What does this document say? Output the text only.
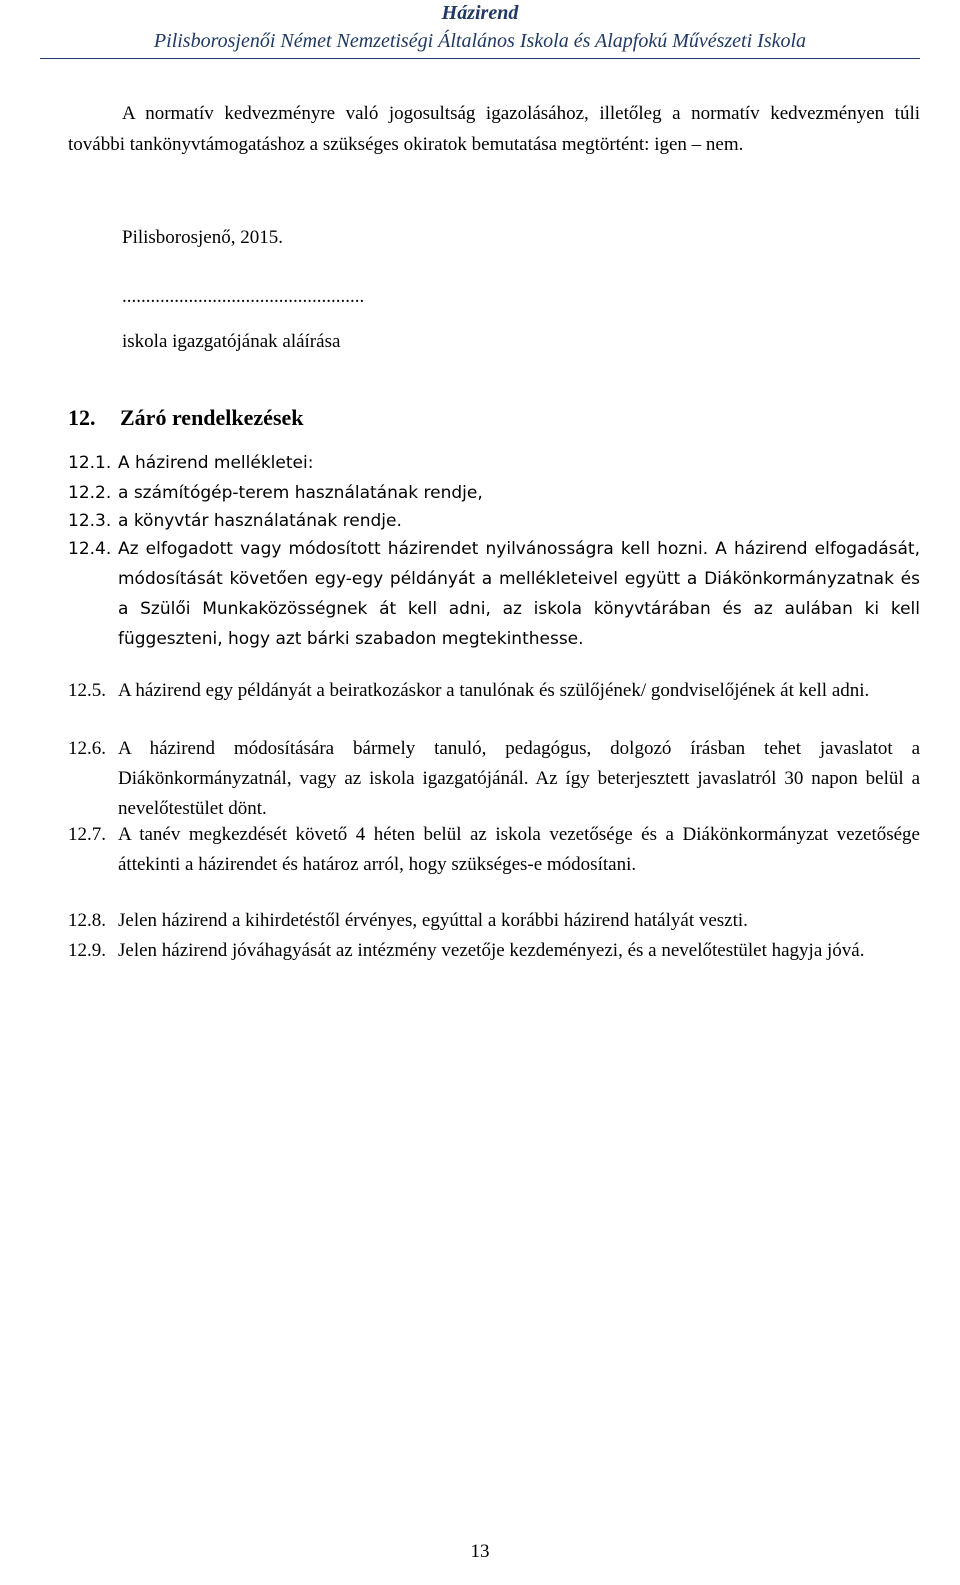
Házirend
Pilisborosjenői Német Nemzetiségi Általános Iskola és Alapfokú Művészeti Iskola
A normatív kedvezményre való jogosultság igazolásához, illetőleg a normatív kedvezményen túli további tankönyvtámogatáshoz a szükséges okiratok bemutatása megtörtént: igen – nem.
Pilisborosjenő, 2015.
...................................................
iskola igazgatójának aláírása
12. Záró rendelkezések
12.1. A házirend mellékletei:
12.2. a számítógép-terem használatának rendje,
12.3. a könyvtár használatának rendje.
12.4. Az elfogadott vagy módosított házirendet nyilvánosságra kell hozni. A házirend elfogadását, módosítását követően egy-egy példányát a mellékleteivel együtt a Diákönkormányzatnak és a Szülői Munkaközösségnek át kell adni, az iskola könyvtárában és az aulában ki kell függeszteni, hogy azt bárki szabadon megtekinthesse.
12.5. A házirend egy példányát a beiratkozáskor a tanulónak és szülőjének/ gondviselőjének át kell adni.
12.6. A házirend módosítására bármely tanuló, pedagógus, dolgozó írásban tehet javaslatot a Diákönkormányzatnál, vagy az iskola igazgatójánál. Az így beterjesztett javaslatról 30 napon belül a nevelőtestület dönt.
12.7. A tanév megkezdését követő 4 héten belül az iskola vezetősége és a Diákönkormányzat vezetősége áttekinti a házirendet és határoz arról, hogy szükséges-e módosítani.
12.8. Jelen házirend a kihirdetéstől érvényes, egyúttal a korábbi házirend hatályát veszti.
12.9. Jelen házirend jóváhagyását az intézmény vezetője kezdeményezi, és a nevelőtestület hagyja jóvá.
13
